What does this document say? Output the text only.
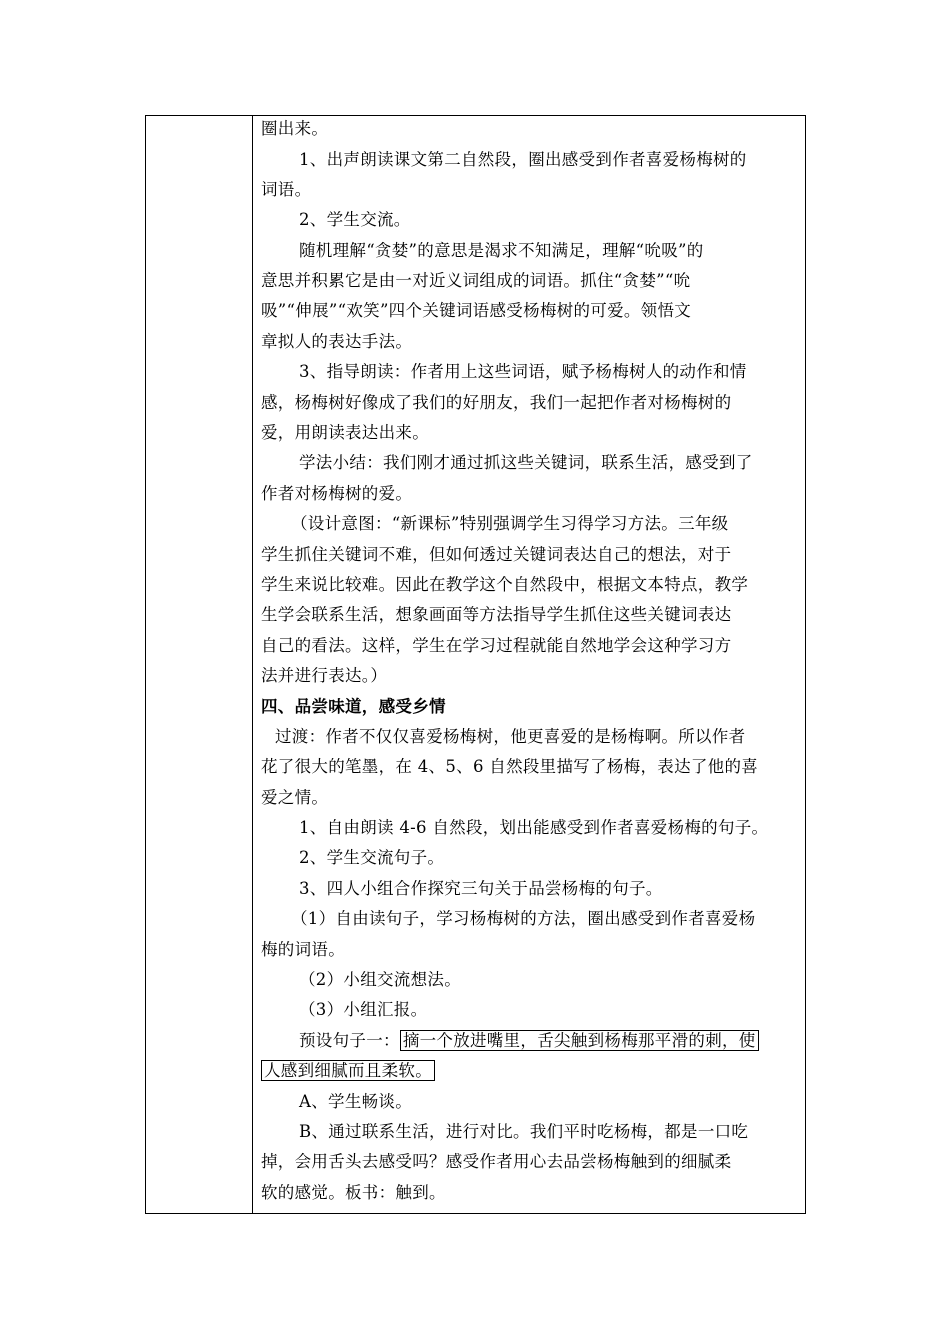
圈出来。
1、出声朗读课文第二自然段，圈出感受到作者喜爱杨梅树的
词语。
2、学生交流。
随机理解“贪婪”的意思是渴求不知满足，理解“吮吸”的
意思并积累它是由一对近义词组成的词语。抓住“贪婪”“吮
吸”“伸展”“欢笑”四个关键词语感受杨梅树的可爱。领悟文
章拟人的表达手法。
3、指导朗读：作者用上这些词语，赋予杨梅树人的动作和情
感，杨梅树好像成了我们的好朋友，我们一起把作者对杨梅树的
爱，用朗读表达出来。
学法小结：我们刚才通过抓这些关键词，联系生活，感受到了
作者对杨梅树的爱。
（设计意图：“新课标”特别强调学生习得学习方法。三年级
学生抓住关键词不难，但如何透过关键词表达自己的想法，对于
学生来说比较难。因此在教学这个自然段中，根据文本特点，教学
生学会联系生活，想象画面等方法指导学生抓住这些关键词表达
自己的看法。这样，学生在学习过程就能自然地学会这种学习方
法并进行表达。）
四、品尝味道，感受乡情
过渡：作者不仅仅喜爱杨梅树，他更喜爱的是杨梅啊。所以作者
花了很大的笔墨，在 4、5、6 自然段里描写了杨梅，表达了他的喜
爱之情。
1、自由朗读 4-6 自然段，划出能感受到作者喜爱杨梅的句子。
2、学生交流句子。
3、四人小组合作探究三句关于品尝杨梅的句子。
（1）自由读句子，学习杨梅树的方法，圈出感受到作者喜爱杨
梅的词语。
（2）小组交流想法。
（3）小组汇报。
预设句子一： 摘一个放进嘴里，舌尖触到杨梅那平滑的刺，使
人感到细腻而且柔软。
A、学生畅谈。
B、通过联系生活，进行对比。我们平时吃杨梅，都是一口吃
掉，会用舌头去感受吗？感受作者用心去品尝杨梅触到的细腻柔
软的感觉。板书：触到。
